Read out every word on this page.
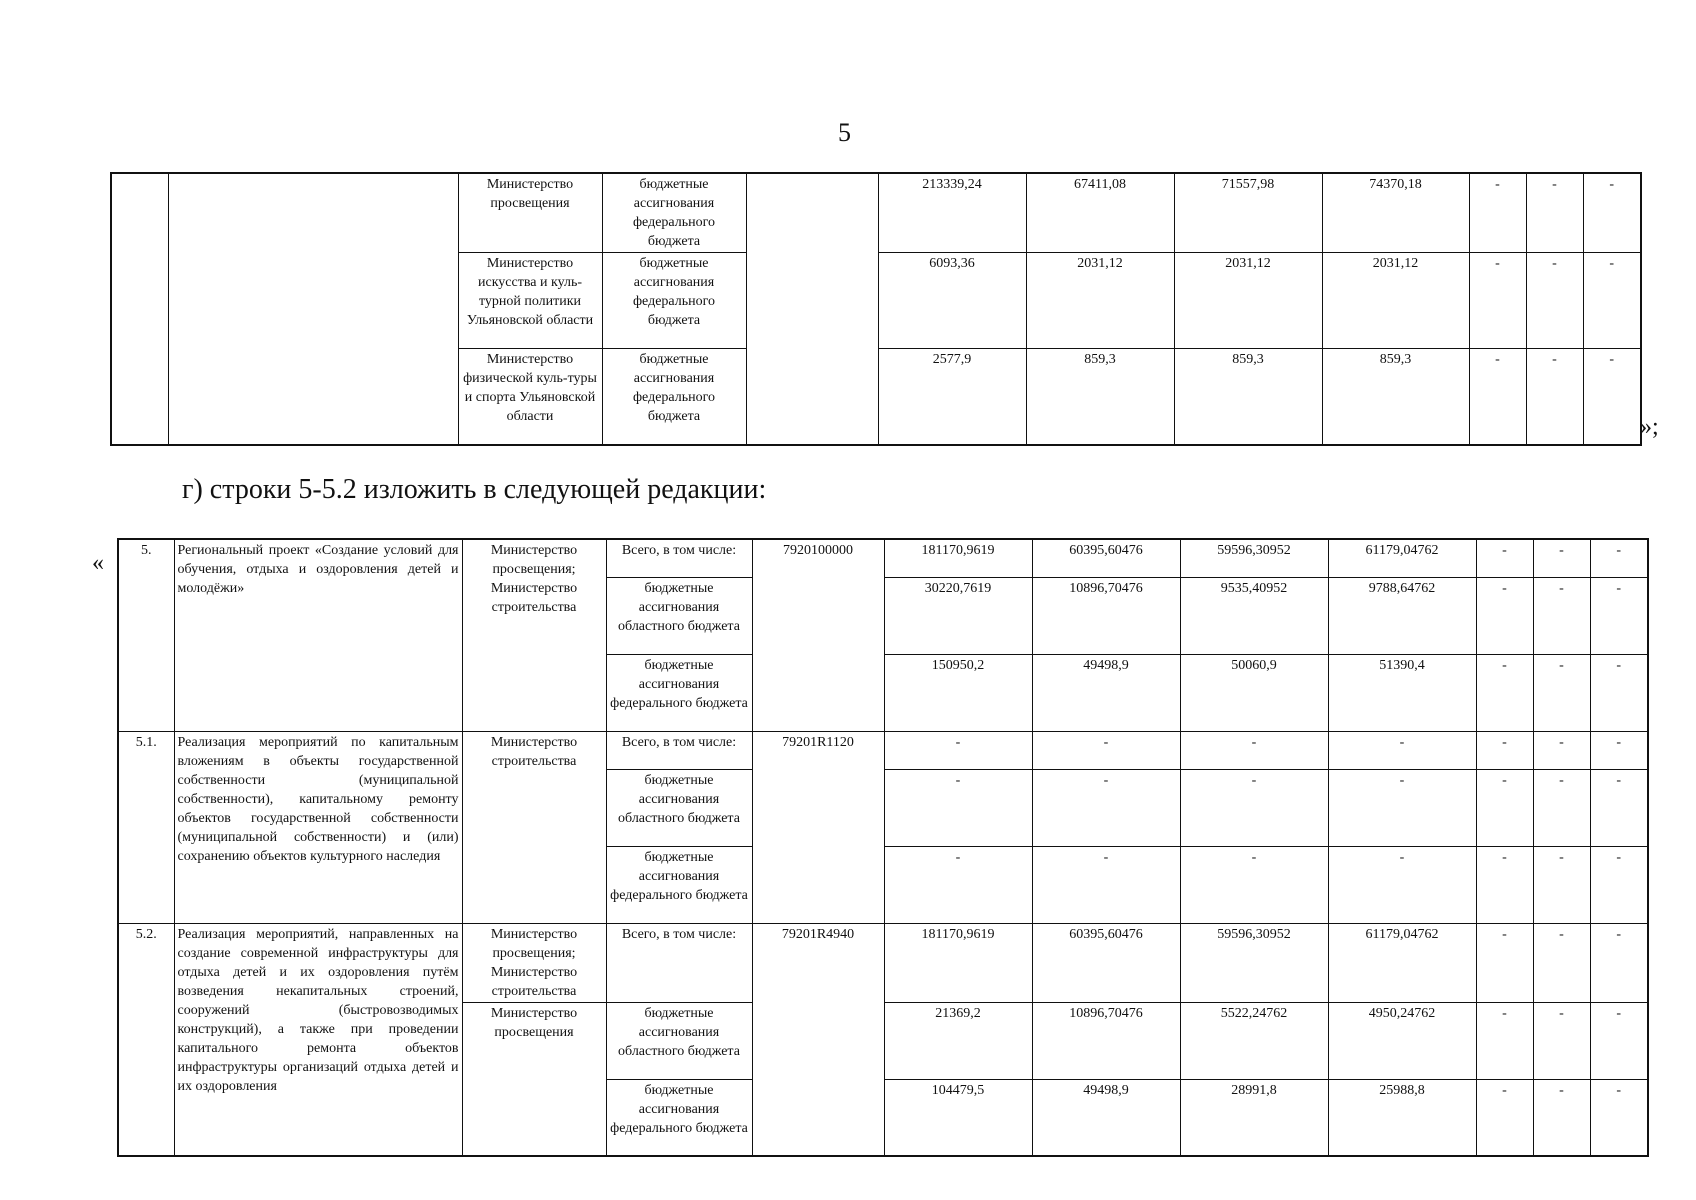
5
		Министерство просвещения	бюджетные ассигнования федерального бюджета		213339,24	67411,08	71557,98	74370,18	-	-	-
		Министерство искусства и куль-турной политики Ульяновской области	бюджетные ассигнования федерального бюджета		6093,36	2031,12	2031,12	2031,12	-	-	-
		Министерство физической куль-туры и спорта Ульяновской области	бюджетные ассигнования федерального бюджета		2577,9	859,3	859,3	859,3	-	-	-
»;
г) строки 5-5.2 изложить в следующей редакции:
«	5.	Региональный проект «Создание условий для обучения, отдыха и оздоровления детей и молодёжи»	Министерство просвещения; Министерство строительства	Всего, в том числе:	7920100000	181170,9619	60395,60476	59596,30952	61179,04762	-	-	-
			бюджетные ассигнования областного бюджета		30220,7619	10896,70476	9535,40952	9788,64762	-	-	-
			бюджетные ассигнования федерального бюджета		150950,2	49498,9	50060,9	51390,4	-	-	-
5.1.	Реализация мероприятий по капитальным вложениям в объекты государственной собственности (муниципальной собственности), капитальному ремонту объектов государственной собственности (муниципальной собственности) и (или) сохранению объектов культурного наследия	Министерство строительства	Всего, в том числе:	79201R1120	-	-	-	-	-	-	-
			бюджетные ассигнования областного бюджета		-	-	-	-	-	-	-
			бюджетные ассигнования федерального бюджета		-	-	-	-	-	-	-
5.2.	Реализация мероприятий, направленных на создание современной инфраструктуры для отдыха детей и их оздоровления путём возведения некапитальных строений, сооружений (быстровозводимых конструкций), а также при проведении капитального ремонта объектов инфраструктуры организаций отдыха детей и их оздоровления	Министерство просвещения; Министерство строительства	Всего, в том числе:	79201R4940	181170,9619	60395,60476	59596,30952	61179,04762	-	-	-
		Министерство просвещения	бюджетные ассигнования областного бюджета		21369,2	10896,70476	5522,24762	4950,24762	-	-	-
			бюджетные ассигнования федерального бюджета		104479,5	49498,9	28991,8	25988,8	-	-	-
